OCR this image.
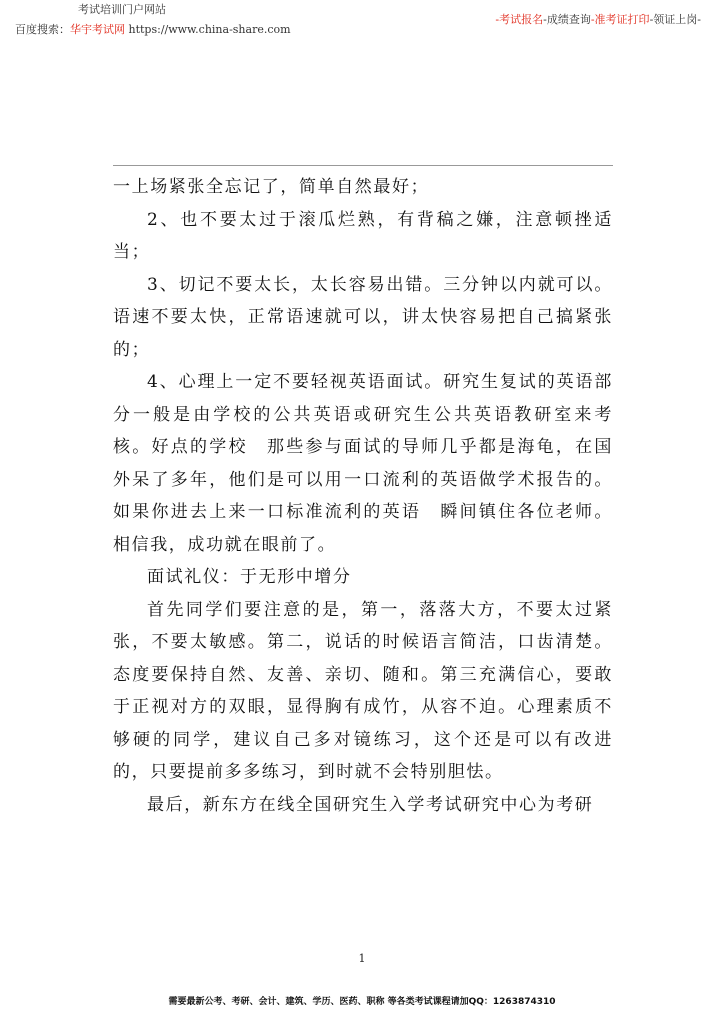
考试培训门户网站
百度搜索：华宇考试网 https://www.china-share.com
-考试报名-成绩查询-准考证打印-领证上岗-

一上场紧张全忘记了，简单自然最好；

2、也不要太过于滚瓜烂熟，有背稿之嫌，注意顿挫适当；

3、切记不要太长，太长容易出错。三分钟以内就可以。语速不要太快，正常语速就可以，讲太快容易把自己搞紧张的；

4、心理上一定不要轻视英语面试。研究生复试的英语部分一般是由学校的公共英语或研究生公共英语教研室来考核。好点的学校　那些参与面试的导师几乎都是海龟，在国外呆了多年，他们是可以用一口流利的英语做学术报告的。如果你进去上来一口标准流利的英语　瞬间镇住各位老师。相信我，成功就在眼前了。

面试礼仪：于无形中增分

首先同学们要注意的是，第一，落落大方，不要太过紧张，不要太敏感。第二，说话的时候语言简洁，口齿清楚。态度要保持自然、友善、亲切、随和。第三充满信心，要敢于正视对方的双眼，显得胸有成竹，从容不迫。心理素质不够硬的同学，建议自己多对镜练习，这个还是可以有改进的，只要提前多多练习，到时就不会特别胆怯。

最后，新东方在线全国研究生入学考试研究中心为考研

1
需要最新公考、考研、会计、建筑、学历、医药、职称 等各类考试课程请加QQ：1263874310
